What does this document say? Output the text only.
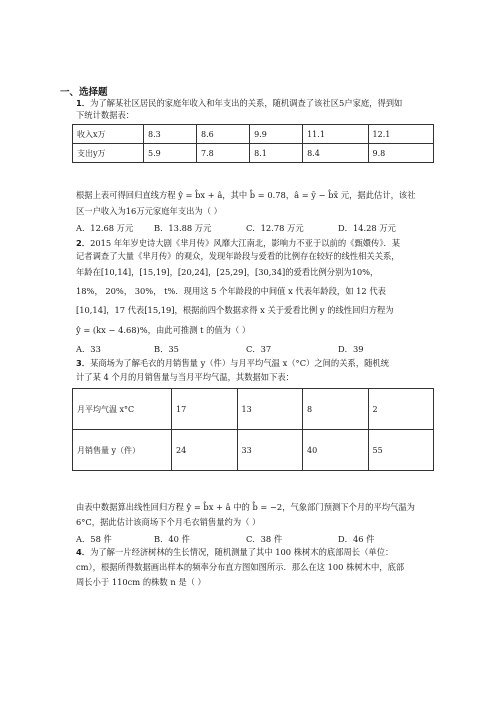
一、选择题
1．为了解某社区居民的家庭年收入和年支出的关系，随机调查了该社区5户家庭，得到如
下统计数据表：
收入x万	8.3	8.6	9.9	11.1	12.1
支出y万	5.9	7.8	8.1	8.4	9.8
根据上表可得回归直线方程 ŷ = b̂x + â，其中 b̂ = 0.78，â = ȳ − b̂x̄ 元，据此估计，该社
区一户收入为16万元家庭年支出为（ ）
A．12.68 万元 B．13.88 万元	C．12.78 万元	D．14.28 万元
2．2015 年年岁史诗大剧《芈月传》风靡大江南北，影响力不亚于以前的《甄嬛传》．某
记者调查了大量《芈月传》的观众，发现年龄段与爱看的比例存在较好的线性相关关系，
年龄在[10,14]，[15,19]，[20,24]，[25,29]，[30,34]的爱看比例分别为10%，
18%， 20%， 30%， t%．现用这 5 个年龄段的中间值 x 代表年龄段，如 12 代表
[10,14]，17 代表[15,19]，根据前四个数据求得 x 关于爱看比例 y 的线性回归方程为
ŷ = (kx − 4.68)%，由此可推测 t 的值为（ ）
A．33	B．35	C．37	D．39
3．某商场为了解毛衣的月销售量 y（件）与月平均气温 x（°C）之间的关系，随机统
计了某 4 个月的月销售量与当月平均气温，其数据如下表：
月平均气温 x°C	17	13	8	2
月销售量 y（件）	24	33	40	55
由表中数据算出线性回归方程 ŷ = b̂x + â 中的 b̂ = −2，气象部门预测下个月的平均气温为
6°C，据此估计该商场下个月毛衣销售量约为（ ）
A．58 件	B．40 件	C．38 件	D．46 件
4．为了解一片经济树林的生长情况，随机测量了其中 100 株树木的底部周长（单位：
cm），根据所得数据画出样本的频率分布直方图如图所示．那么在这 100 株树木中，底部
周长小于 110cm 的株数 n 是（ ）
